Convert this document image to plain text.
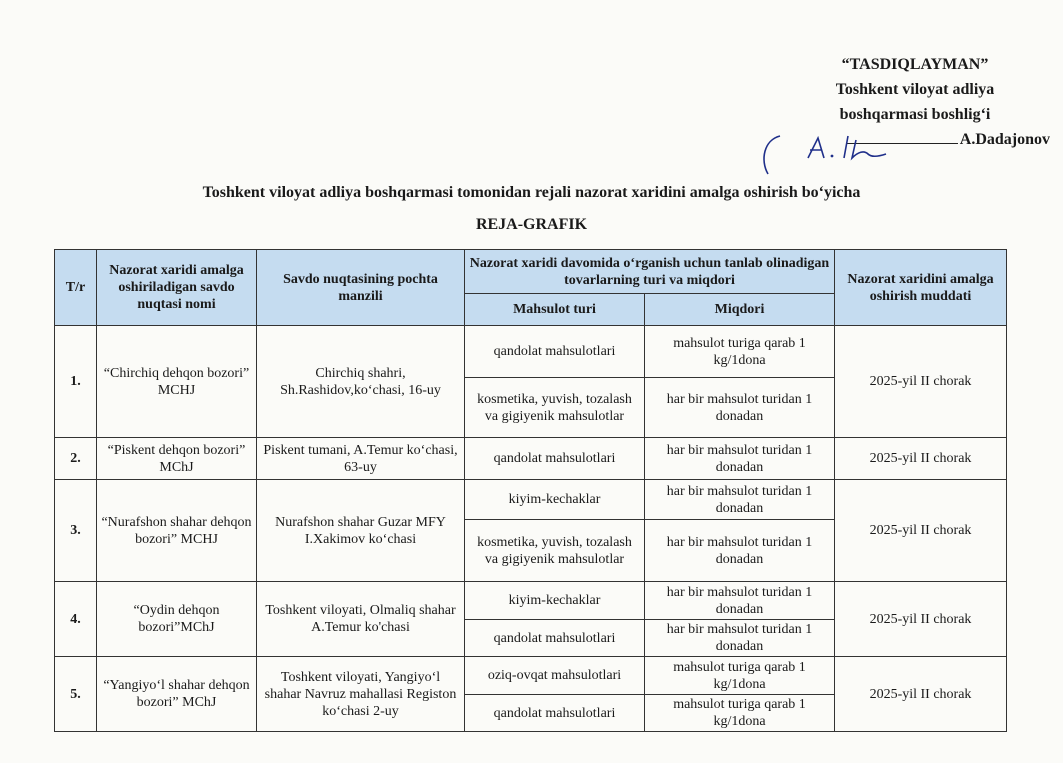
“TASDIQLAYMAN”
Toshkent viloyat adliya
boshqarmasi boshlig‘i
A.Dadajonov
Toshkent viloyat adliya boshqarmasi tomonidan rejali nazorat xaridini amalga oshirish bo‘yicha
REJA-GRAFIK
T/r	Nazorat xaridi amalga oshiriladigan savdo nuqtasi nomi	Savdo nuqtasining pochta manzili	Nazorat xaridi davomida o‘rganish uchun tanlab olinadigan tovarlarning turi va miqdori		Nazorat xaridini amalga oshirish muddati
			Mahsulot turi	Miqdori	
1.	“Chirchiq dehqon bozori” MCHJ	Chirchiq shahri, Sh.Rashidov,ko‘chasi, 16-uy	qandolat mahsulotlari	mahsulot turiga qarab 1 kg/1dona	2025-yil II chorak
			kosmetika, yuvish, tozalash va gigiyenik mahsulotlar	har bir mahsulot turidan 1 donadan	
2.	“Piskent dehqon bozori” MChJ	Piskent tumani, A.Temur ko‘chasi, 63-uy	qandolat mahsulotlari	har bir mahsulot turidan 1 donadan	2025-yil II chorak
3.	“Nurafshon shahar dehqon bozori” MCHJ	Nurafshon shahar Guzar MFY I.Xakimov ko‘chasi	kiyim-kechaklar	har bir mahsulot turidan 1 donadan	2025-yil II chorak
			kosmetika, yuvish, tozalash va gigiyenik mahsulotlar	har bir mahsulot turidan 1 donadan	
4.	“Oydin dehqon bozori”MChJ	Toshkent viloyati, Olmaliq shahar A.Temur ko'chasi	kiyim-kechaklar	har bir mahsulot turidan 1 donadan	2025-yil II chorak
			qandolat mahsulotlari	har bir mahsulot turidan 1 donadan	
5.	“Yangiyo‘l shahar dehqon bozori” MChJ	Toshkent viloyati, Yangiyo‘l shahar Navruz mahallasi Registon ko‘chasi 2-uy	oziq-ovqat mahsulotlari	mahsulot turiga qarab 1 kg/1dona	2025-yil II chorak
			qandolat mahsulotlari	mahsulot turiga qarab 1 kg/1dona	
